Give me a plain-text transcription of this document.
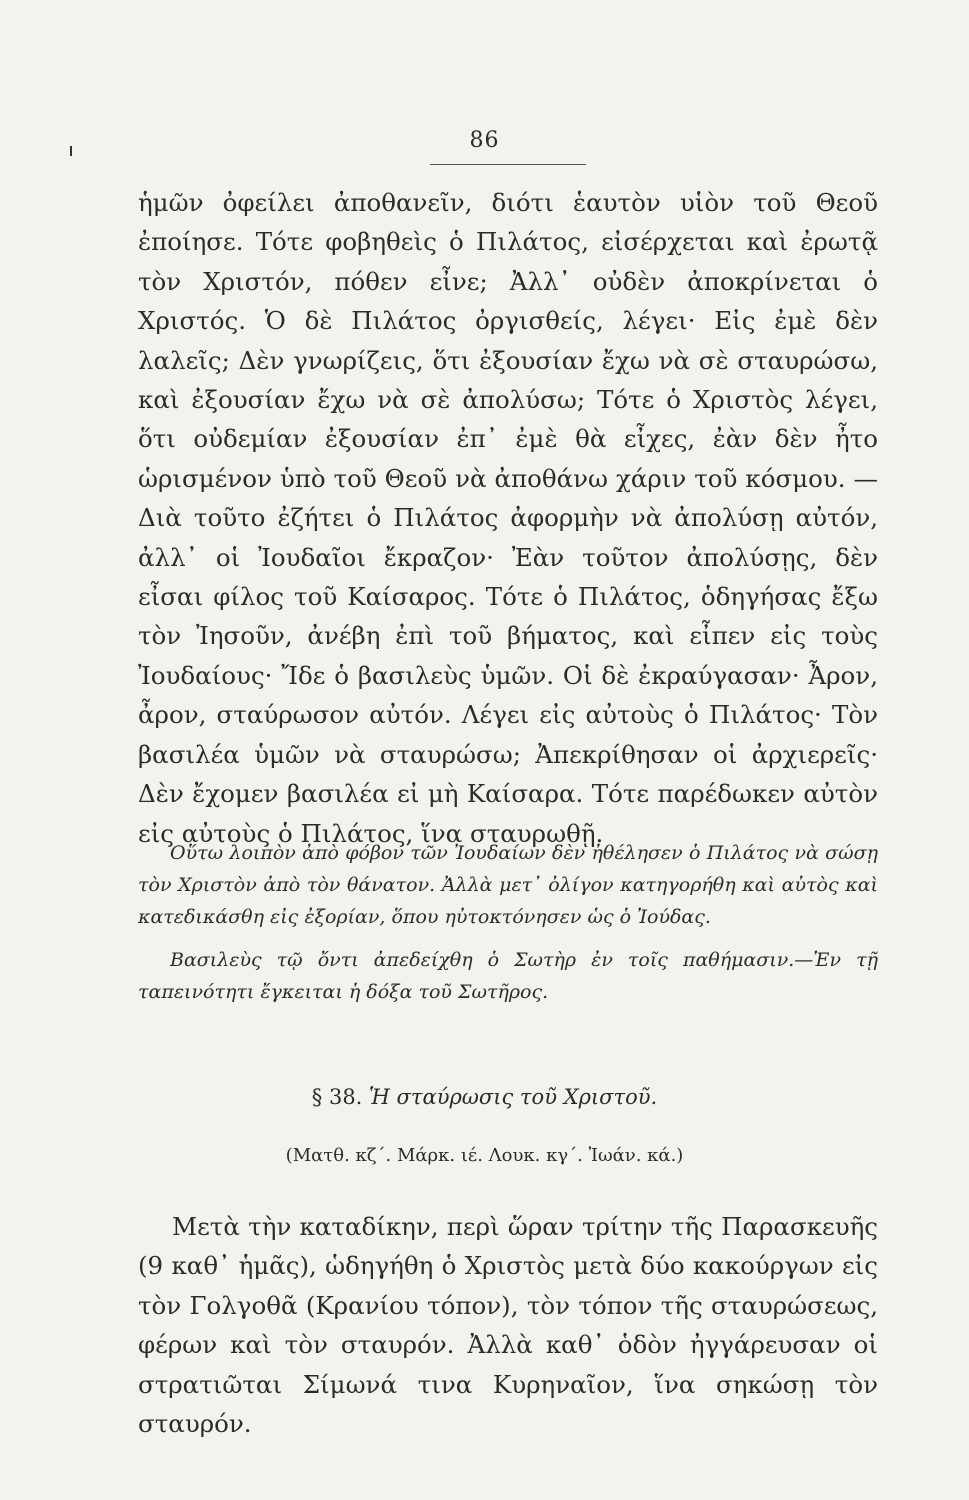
86

ἡμῶν ὀφείλει ἀποθανεῖν, διότι ἑαυτὸν υἱὸν τοῦ Θεοῦ ἐποίησε. Τότε φοβηθεὶς ὁ Πιλάτος, εἰσέρχεται καὶ ἐρωτᾷ τὸν Χριστόν, πόθεν εἶνε; Ἀλλ᾽ οὐδὲν ἀποκρίνεται ὁ Χριστός. Ὁ δὲ Πιλάτος ὀργισθείς, λέγει· Εἰς ἐμὲ δὲν λαλεῖς; Δὲν γνωρίζεις, ὅτι ἐξουσίαν ἔχω νὰ σὲ σταυρώσω, καὶ ἐξουσίαν ἔχω νὰ σὲ ἀπολύσω; Τότε ὁ Χριστὸς λέγει, ὅτι οὐδεμίαν ἐξουσίαν ἐπ᾽ ἐμὲ θὰ εἶχες, ἐὰν δὲν ἦτο ὡρισμένον ὑπὸ τοῦ Θεοῦ νὰ ἀποθάνω χάριν τοῦ κόσμου. — Διὰ τοῦτο ἐζήτει ὁ Πιλάτος ἀφορμὴν νὰ ἀπολύσῃ αὐτόν, ἀλλ᾽ οἱ Ἰουδαῖοι ἔκραζον· Ἐὰν τοῦτον ἀπολύσῃς, δὲν εἶσαι φίλος τοῦ Καίσαρος. Τότε ὁ Πιλάτος, ὁδηγήσας ἔξω τὸν Ἰησοῦν, ἀνέβη ἐπὶ τοῦ βήματος, καὶ εἶπεν εἰς τοὺς Ἰουδαίους· Ἴδε ὁ βασιλεὺς ὑμῶν. Οἱ δὲ ἐκραύγασαν· Ἆρον, ἆρον, σταύρωσον αὐτόν. Λέγει εἰς αὐτοὺς ὁ Πιλάτος· Τὸν βασιλέα ὑμῶν νὰ σταυρώσω; Ἀπεκρίθησαν οἱ ἀρχιερεῖς· Δὲν ἔχομεν βασιλέα εἰ μὴ Καίσαρα. Τότε παρέδωκεν αὐτὸν εἰς αὐτοὺς ὁ Πιλάτος, ἵνα σταυρωθῇ.

Οὕτω λοιπὸν ἀπὸ φόβον τῶν Ἰουδαίων δὲν ἠθέλησεν ὁ Πιλάτος νὰ σώσῃ τὸν Χριστὸν ἀπὸ τὸν θάνατον. Ἀλλὰ μετ᾽ ὀλίγον κατηγορήθη καὶ αὐτὸς καὶ κατεδικάσθη εἰς ἐξορίαν, ὅπου ηὐτοκτόνησεν ὡς ὁ Ἰούδας.

Βασιλεὺς τῷ ὄντι ἀπεδείχθη ὁ Σωτὴρ ἐν τοῖς παθήμασιν.—Ἐν τῇ ταπεινότητι ἔγκειται ἡ δόξα τοῦ Σωτῆρος.

§ 38. Ἡ σταύρωσις τοῦ Χριστοῦ.
(Ματθ. κζ΄. Μάρκ. ιέ. Λουκ. κγ΄. Ἰωάν. κά.)

Μετὰ τὴν καταδίκην, περὶ ὥραν τρίτην τῆς Παρασκευῆς (9 καθ᾽ ἡμᾶς), ὡδηγήθη ὁ Χριστὸς μετὰ δύο κακούργων εἰς τὸν Γολγοθᾶ (Κρανίου τόπον), τὸν τόπον τῆς σταυρώσεως, φέρων καὶ τὸν σταυρόν. Ἀλλὰ καθ᾽ ὁδὸν ἠγγάρευσαν οἱ στρατιῶται Σίμωνά τινα Κυρηναῖον, ἵνα σηκώσῃ τὸν σταυρόν.
